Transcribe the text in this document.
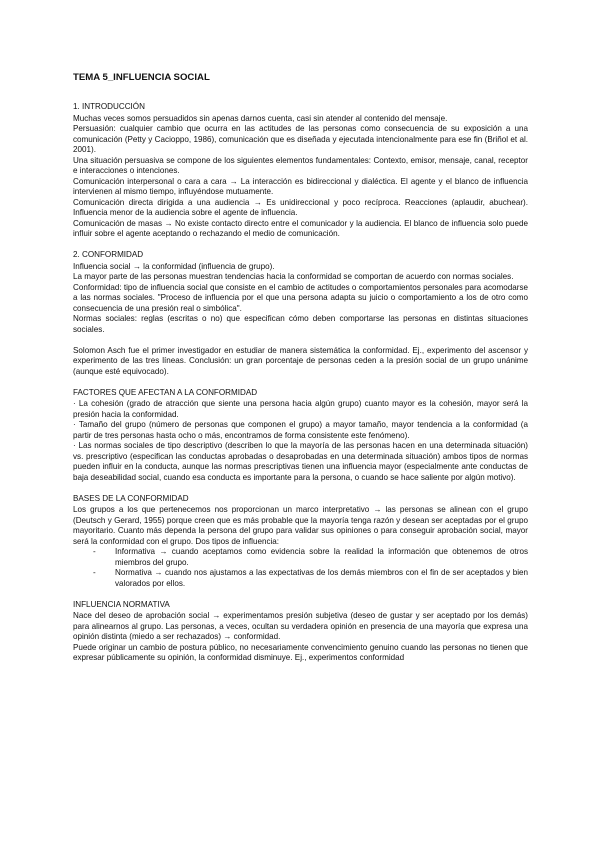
TEMA 5_INFLUENCIA SOCIAL
1. INTRODUCCIÓN

Muchas veces somos persuadidos sin apenas darnos cuenta, casi sin atender al contenido del mensaje.

Persuasión: cualquier cambio que ocurra en las actitudes de las personas como consecuencia de su exposición a una comunicación (Petty y Cacioppo, 1986), comunicación que es diseñada y ejecutada intencionalmente para ese fin (Briñol et al. 2001).

Una situación persuasiva se compone de los siguientes elementos fundamentales: Contexto, emisor, mensaje, canal, receptor e interacciones o intenciones.

Comunicación interpersonal o cara a cara → La interacción es bidireccional y dialéctica. El agente y el blanco de influencia intervienen al mismo tiempo, influyéndose mutuamente.

Comunicación directa dirigida a una audiencia → Es unidireccional y poco recíproca. Reacciones (aplaudir, abuchear). Influencia menor de la audiencia sobre el agente de influencia.

Comunicación de masas → No existe contacto directo entre el comunicador y la audiencia. El blanco de influencia solo puede influir sobre el agente aceptando o rechazando el medio de comunicación.

2. CONFORMIDAD

Influencia social → la conformidad (influencia de grupo).

La mayor parte de las personas muestran tendencias hacia la conformidad se comportan de acuerdo con normas sociales.

Conformidad: tipo de influencia social que consiste en el cambio de actitudes o comportamientos personales para acomodarse a las normas sociales. "Proceso de influencia por el que una persona adapta su juicio o comportamiento a los de otro como consecuencia de una presión real o simbólica".

Normas sociales: reglas (escritas o no) que especifican cómo deben comportarse las personas en distintas situaciones sociales.

Solomon Asch fue el primer investigador en estudiar de manera sistemática la conformidad. Ej., experimento del ascensor y experimento de las tres líneas. Conclusión: un gran porcentaje de personas ceden a la presión social de un grupo unánime (aunque esté equivocado).

FACTORES QUE AFECTAN A LA CONFORMIDAD

· La cohesión (grado de atracción que siente una persona hacia algún grupo) cuanto mayor es la cohesión, mayor será la presión hacia la conformidad.

· Tamaño del grupo (número de personas que componen el grupo) a mayor tamaño, mayor tendencia a la conformidad (a partir de tres personas hasta ocho o más, encontramos de forma consistente este fenómeno).

· Las normas sociales de tipo descriptivo (describen lo que la mayoría de las personas hacen en una determinada situación) vs. prescriptivo (especifican las conductas aprobadas o desaprobadas en una determinada situación) ambos tipos de normas pueden influir en la conducta, aunque las normas prescriptivas tienen una influencia mayor (especialmente ante conductas de baja deseabilidad social, cuando esa conducta es importante para la persona, o cuando se hace saliente por algún motivo).

BASES DE LA CONFORMIDAD

Los grupos a los que pertenecemos nos proporcionan un marco interpretativo → las personas se alinean con el grupo (Deutsch y Gerard, 1955) porque creen que es más probable que la mayoría tenga razón y desean ser aceptadas por el grupo mayoritario. Cuanto más dependa la persona del grupo para validar sus opiniones o para conseguir aprobación social, mayor será la conformidad con el grupo. Dos tipos de influencia:

- Informativa → cuando aceptamos como evidencia sobre la realidad la información que obtenemos de otros miembros del grupo.
- Normativa → cuando nos ajustamos a las expectativas de los demás miembros con el fin de ser aceptados y bien valorados por ellos.
INFLUENCIA NORMATIVA

Nace del deseo de aprobación social → experimentamos presión subjetiva (deseo de gustar y ser aceptado por los demás) para alinearnos al grupo. Las personas, a veces, ocultan su verdadera opinión en presencia de una mayoría que expresa una opinión distinta (miedo a ser rechazados) → conformidad.

Puede originar un cambio de postura público, no necesariamente convencimiento genuino cuando las personas no tienen que expresar públicamente su opinión, la conformidad disminuye. Ej., experimentos conformidad
